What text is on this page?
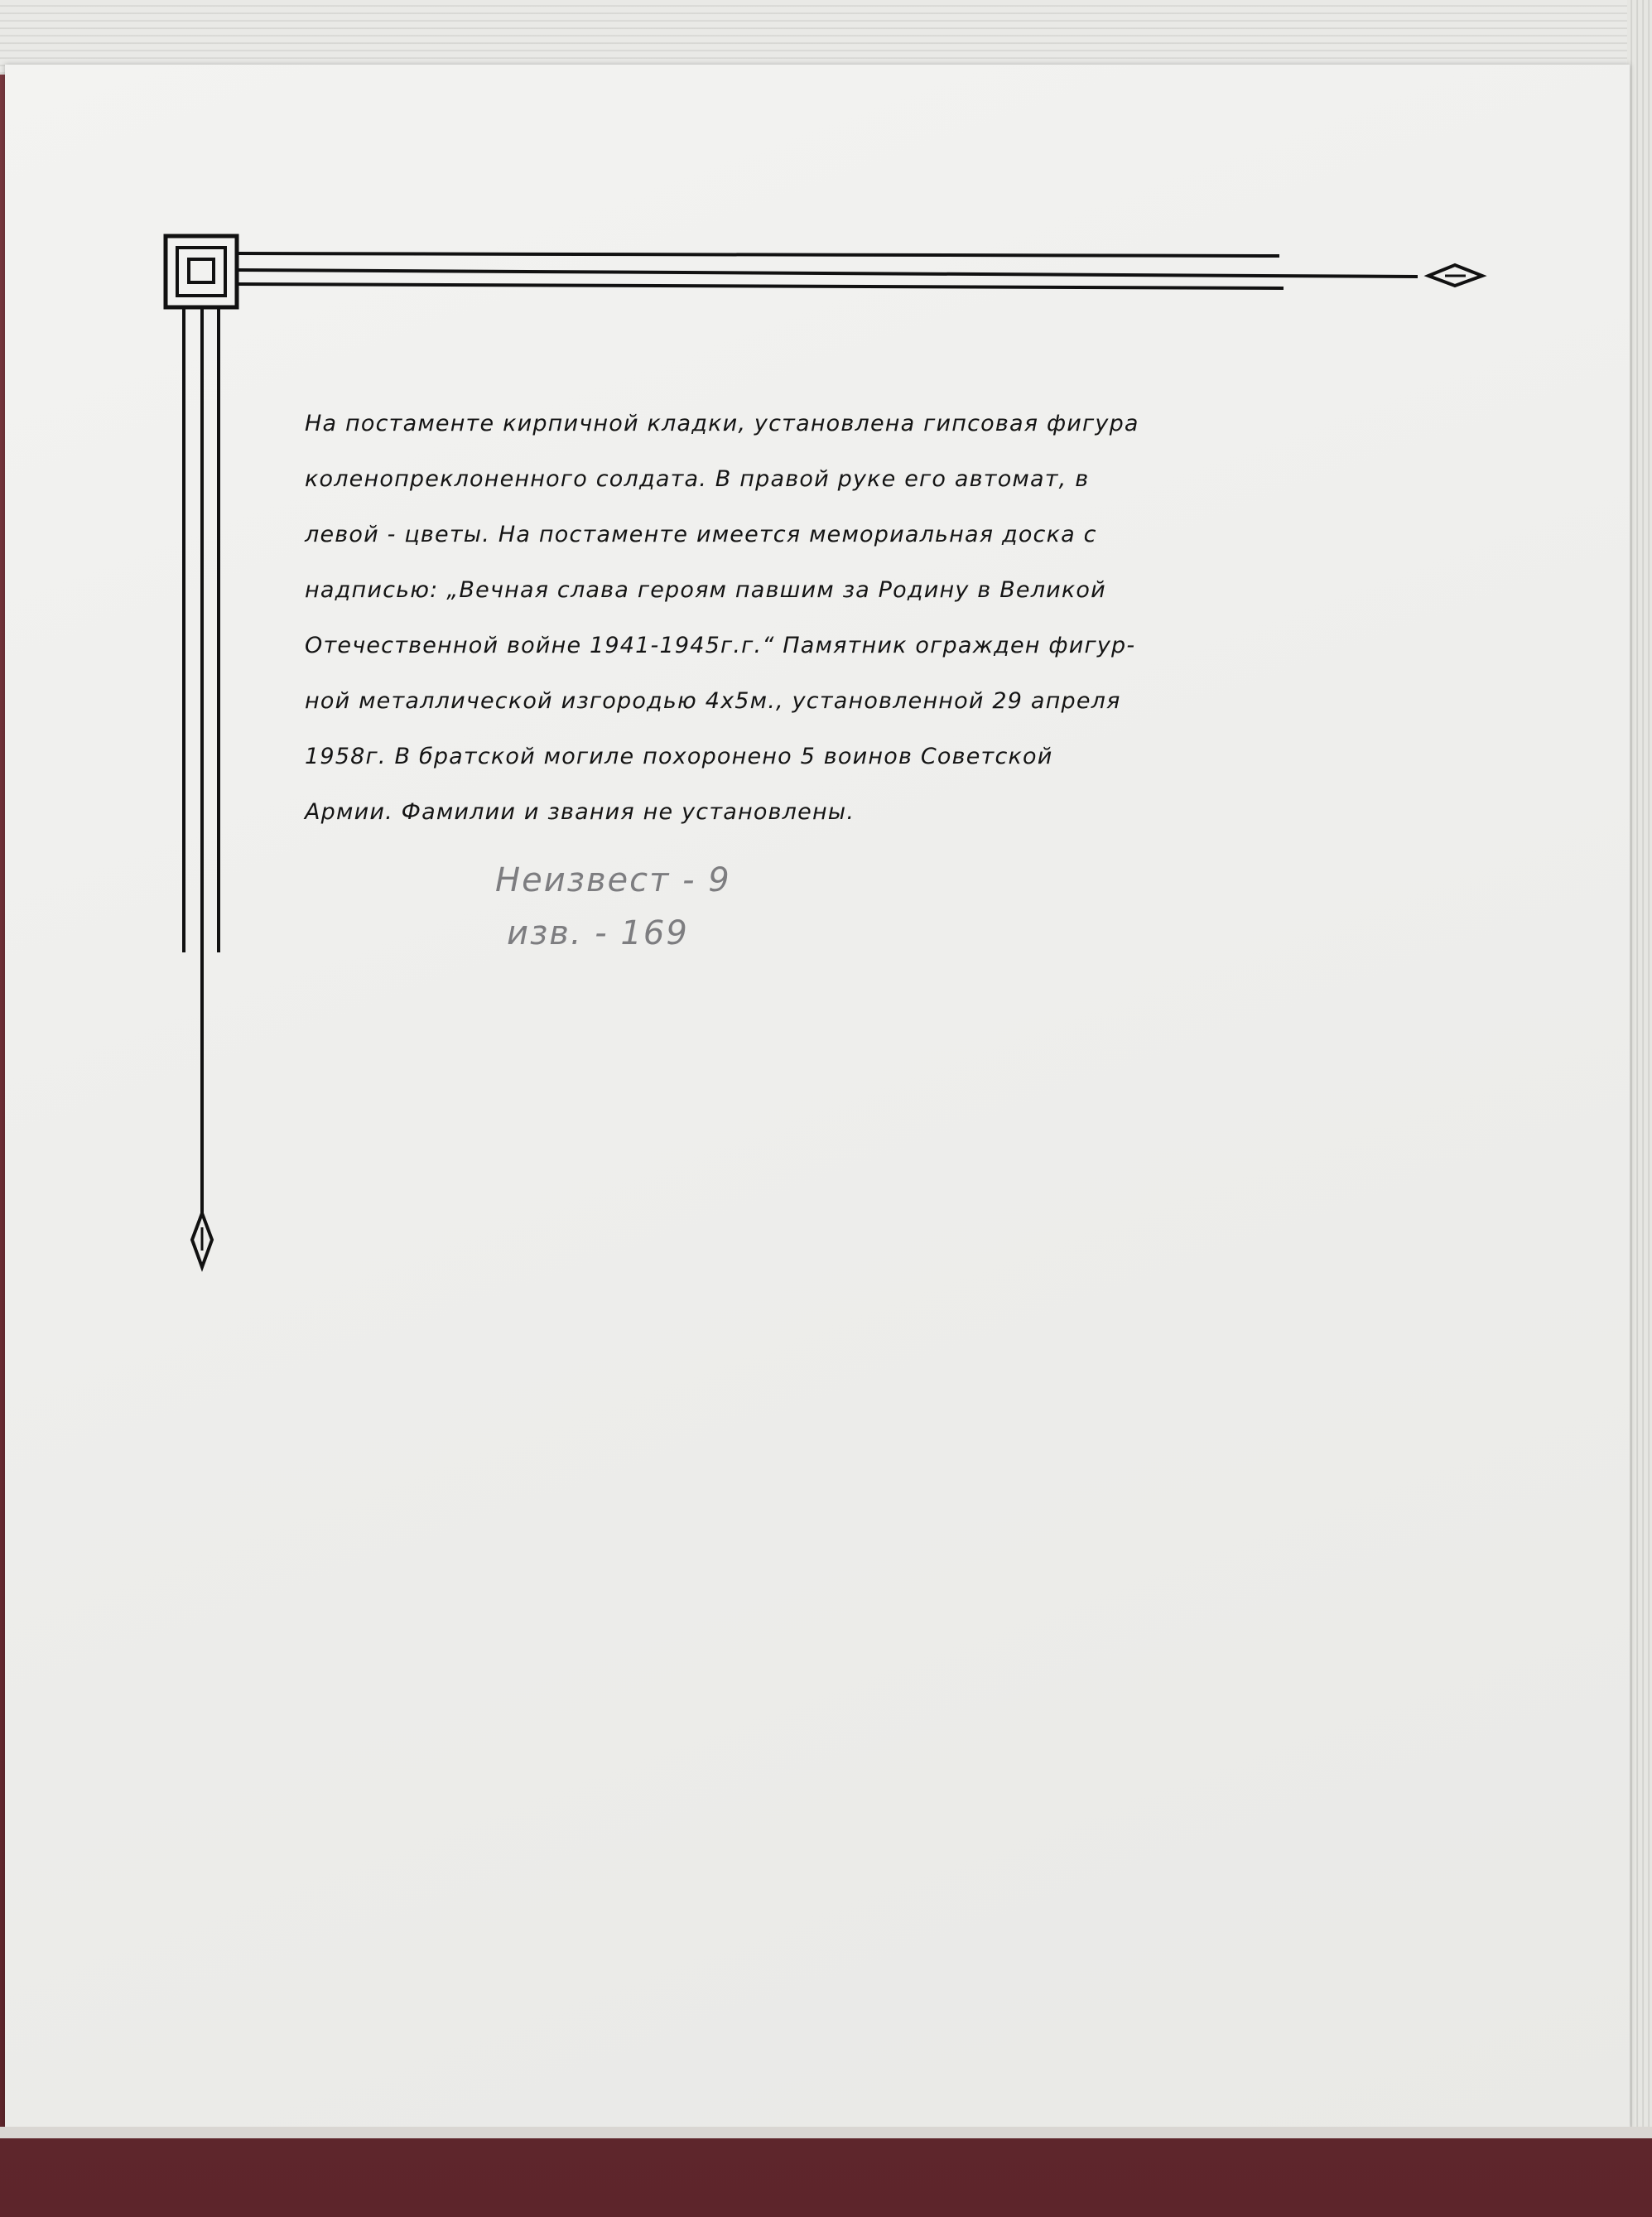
На постаменте кирпичной кладки, установлена гипсовая фигура
коленопреклоненного солдата. В правой руке его автомат, в
левой - цветы. На постаменте имеется мемориальная доска с
надписью: „Вечная слава героям павшим за Родину в Великой
Отечественной войне 1941-1945г.г.“ Памятник огражден фигур-
ной металлической изгородью 4х5м., установленной 29 апреля
1958г. В братской могиле похоронено 5 воинов Советской
Армии. Фамилии и звания не установлены.
Неизвест - 9
изв. - 169
